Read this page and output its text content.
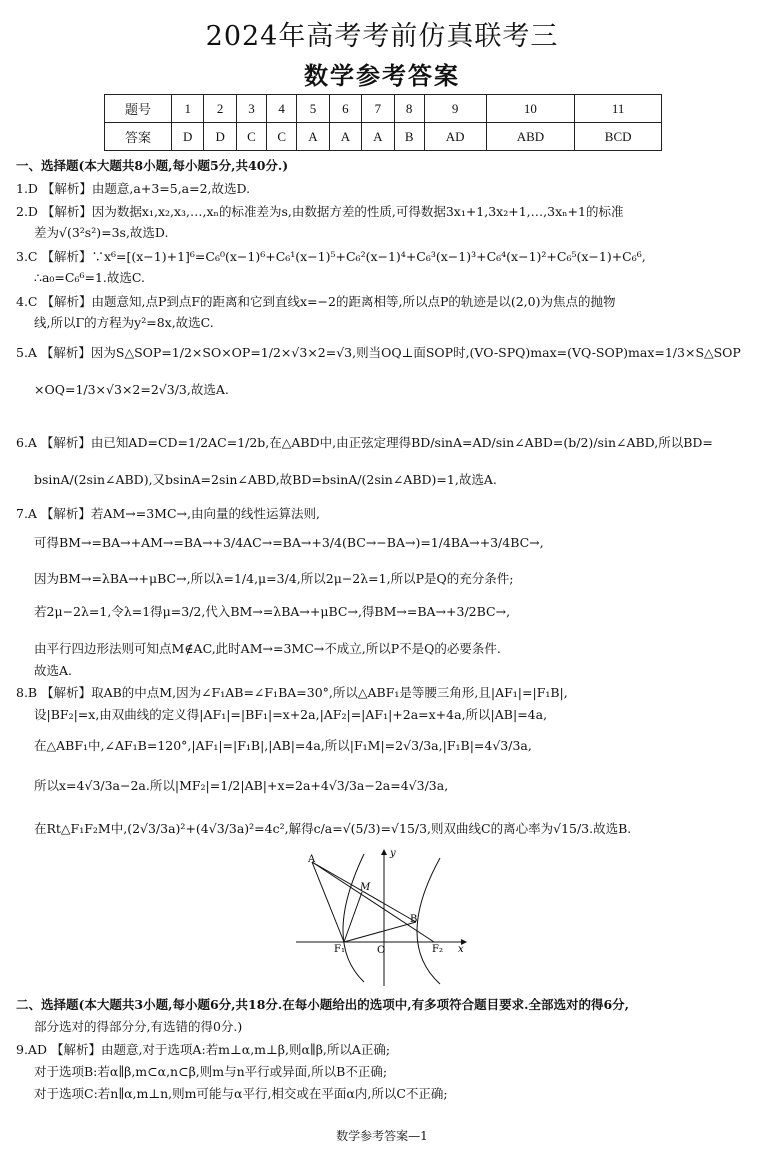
2024年高考考前仿真联考三
数学参考答案
题号	1	2	3	4	5	6	7	8	9	10	11
答案	D	D	C	C	A	A	A	B	AD	ABD	BCD
一、选择题(本大题共8小题,每小题5分,共40分.)
1.D 【解析】由题意,a+3=5,a=2,故选D.
2.D 【解析】因为数据x₁,x₂,x₃,…,xₙ的标准差为s,由数据方差的性质,可得数据3x₁+1,3x₂+1,…,3xₙ+1的标准
差为√(3²s²)=3s,故选D.
3.C 【解析】∵x⁶=[(x−1)+1]⁶=C₆⁰(x−1)⁶+C₆¹(x−1)⁵+C₆²(x−1)⁴+C₆³(x−1)³+C₆⁴(x−1)²+C₆⁵(x−1)+C₆⁶,
∴a₀=C₆⁶=1.故选C.
4.C 【解析】由题意知,点P到点F的距离和它到直线x=−2的距离相等,所以点P的轨迹是以(2,0)为焦点的抛物
线,所以Γ的方程为y²=8x,故选C.
5.A 【解析】因为S△SOP=1/2×SO×OP=1/2×√3×2=√3,则当OQ⊥面SOP时,(VO-SPQ)max=(VQ-SOP)max=1/3×S△SOP
×OQ=1/3×√3×2=2√3/3,故选A.
6.A 【解析】由已知AD=CD=1/2AC=1/2b,在△ABD中,由正弦定理得BD/sinA=AD/sin∠ABD=(b/2)/sin∠ABD,所以BD=
bsinA/(2sin∠ABD),又bsinA=2sin∠ABD,故BD=bsinA/(2sin∠ABD)=1,故选A.
7.A 【解析】若AM→=3MC→,由向量的线性运算法则,
可得BM→=BA→+AM→=BA→+3/4AC→=BA→+3/4(BC→−BA→)=1/4BA→+3/4BC→,
因为BM→=λBA→+μBC→,所以λ=1/4,μ=3/4,所以2μ−2λ=1,所以P是Q的充分条件;
若2μ−2λ=1,令λ=1得μ=3/2,代入BM→=λBA→+μBC→,得BM→=BA→+3/2BC→,
由平行四边形法则可知点M∉AC,此时AM→=3MC→不成立,所以P不是Q的必要条件.
故选A.
8.B 【解析】取AB的中点M,因为∠F₁AB=∠F₁BA=30°,所以△ABF₁是等腰三角形,且|AF₁|=|F₁B|,
设|BF₂|=x,由双曲线的定义得|AF₁|=|BF₁|=x+2a,|AF₂|=|AF₁|+2a=x+4a,所以|AB|=4a,
在△ABF₁中,∠AF₁B=120°,|AF₁|=|F₁B|,|AB|=4a,所以|F₁M|=2√3/3a,|F₁B|=4√3/3a,
所以x=4√3/3a−2a.所以|MF₂|=1/2|AB|+x=2a+4√3/3a−2a=4√3/3a,
在Rt△F₁F₂M中,(2√3/3a)²+(4√3/3a)²=4c²,解得c/a=√(5/3)=√15/3,则双曲线C的离心率为√15/3.故选B.
A
M
B
F₁	O	F₂ x
y
二、选择题(本大题共3小题,每小题6分,共18分.在每小题给出的选项中,有多项符合题目要求.全部选对的得6分,
部分选对的得部分分,有选错的得0分.)
9.AD 【解析】由题意,对于选项A:若m⊥α,m⊥β,则α∥β,所以A正确;
对于选项B:若α∥β,m⊂α,n⊂β,则m与n平行或异面,所以B不正确;
对于选项C:若n∥α,m⊥n,则m可能与α平行,相交或在平面α内,所以C不正确;
数学参考答案—1
